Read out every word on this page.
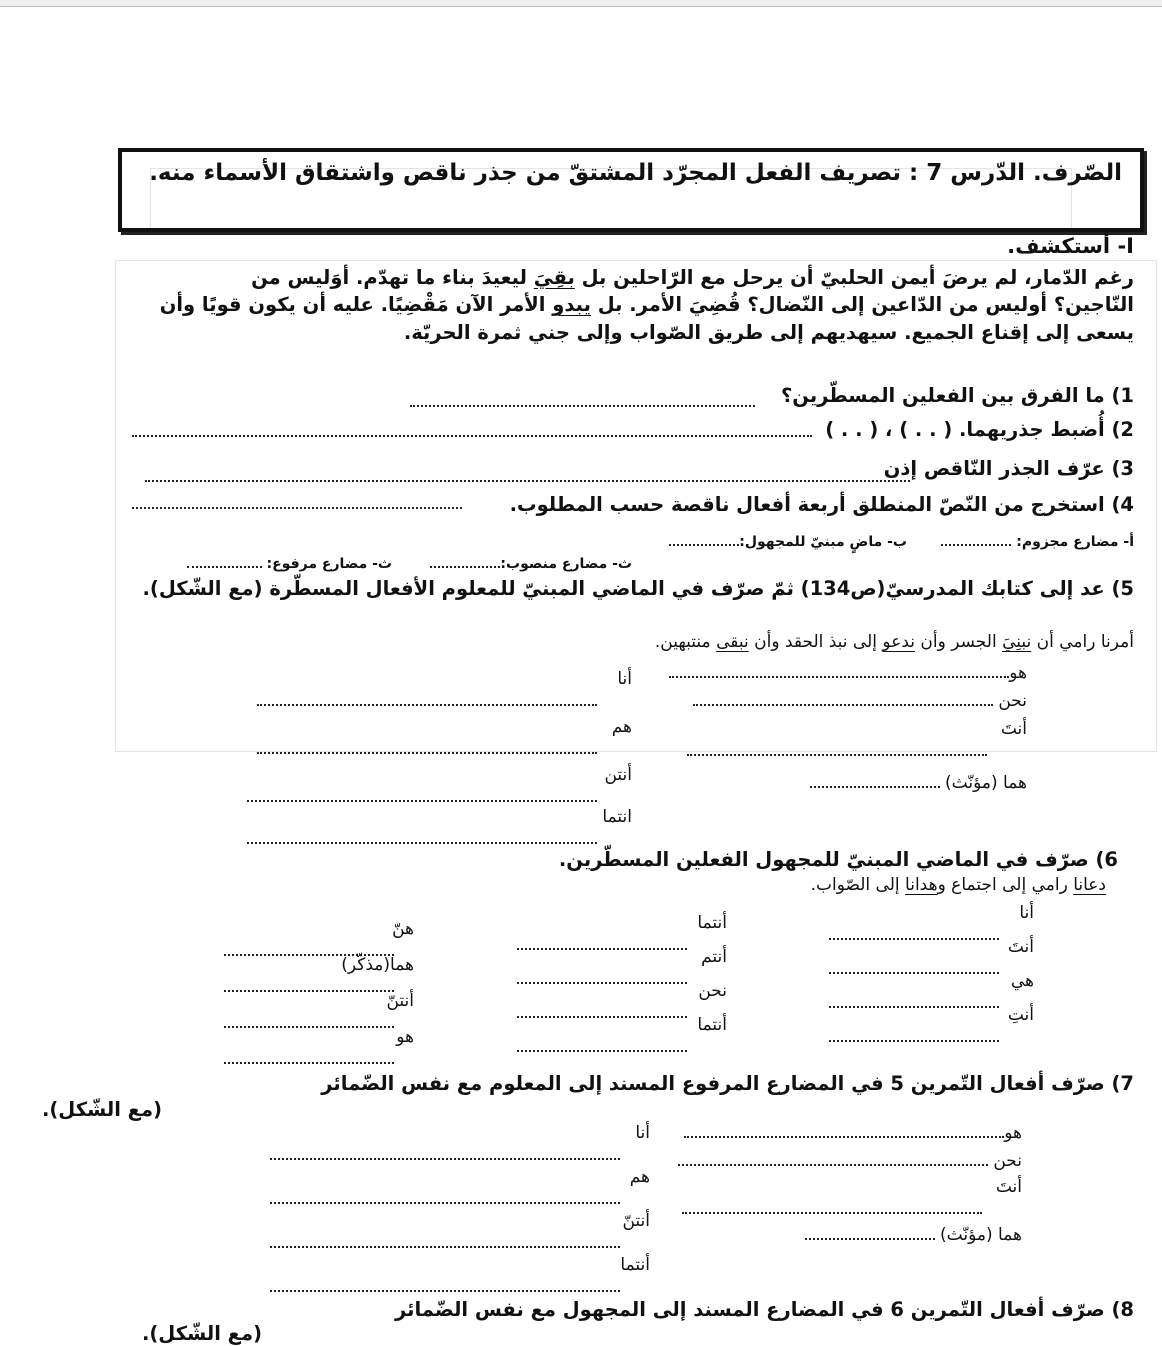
الصّرف. الدّرس 7 : تصريف الفعل المجرّد المشتقّ من جذر ناقص واشتقاق الأسماء منه.
I- أستكشف.
رغم الدّمار، لم يرضَ أيمن الحلبيّ أن يرحل مع الرّاحلين بل بقِيَ ليعيدَ بناء ما تهدّم. أوَليس من
النّاجين؟ أوليس من الدّاعين إلى النّضال؟ قُضِيَ الأمر. بل يبدو الأمر الآن مَقْضِيًا. عليه أن يكون قويًا وأن
يسعى إلى إقناع الجميع. سيهديهم إلى طريق الصّواب وإلى جني ثمرة الحريّة.
1) ما الفرق بين الفعلين المسطّرين؟
2) أُضبط جذريهما. ( . . ) ، ( . . )
3) عرّف الجذر النّاقص إذن
4) استخرج من النّصّ المنطلق أربعة أفعال ناقصة حسب المطلوب.
أ- مضارع مجزوم:
ب- ماضٍ مبنيّ للمجهول:
ث- مضارع منصوب:
ث- مضارع مرفوع:
5) عد إلى كتابك المدرسيّ(ص134) ثمّ صرّف في الماضي المبنيّ للمعلوم الأفعال المسطّرة (مع الشّكل).
أمرنا رامي أن نبنِيَ الجسر وأن ندعو إلى نبذ الحقد وأن نبقى منتبهين.
هو
نحن
أنتَ

هما (مؤنّث)
أنا

هم

أنتن

انتما

6) صرّف في الماضي المبنيّ للمجهول الفعلين المسطّرين.
دعانا رامي إلى اجتماع وهدانا إلى الصّواب.
أنا

أنتَ

هي

أنتِ

أنتما

أنتم

نحن

أنتما

هنّ

هما(مذكّر)

أنتنّ

هو

7) صرّف أفعال التّمرين 5 في المضارع المرفوع المسند إلى المعلوم مع نفس الضّمائر
(مع الشّكل).
هو
نحن
أنتَ

هما (مؤنّث)
أنا

هم

أنتنّ

أنتما

8) صرّف أفعال التّمرين 6 في المضارع المسند إلى المجهول مع نفس الضّمائر
(مع الشّكل).
